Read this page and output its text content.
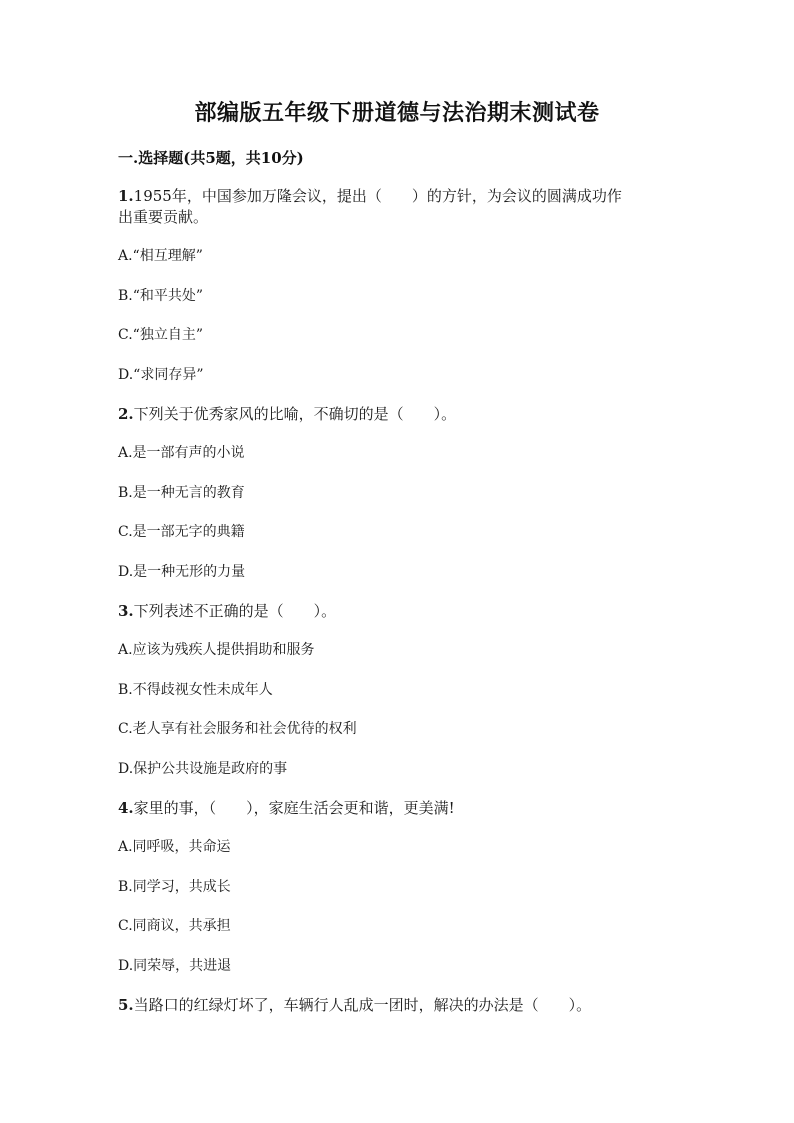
部编版五年级下册道德与法治期末测试卷
一.选择题(共5题，共10分)
1.1955年，中国参加万隆会议，提出（　　）的方针，为会议的圆满成功作
出重要贡献。
A.“相互理解”
B.“和平共处”
C.“独立自主”
D.“求同存异”
2.下列关于优秀家风的比喻，不确切的是（　　）。
A.是一部有声的小说
B.是一种无言的教育
C.是一部无字的典籍
D.是一种无形的力量
3.下列表述不正确的是（　　）。
A.应该为残疾人提供捐助和服务
B.不得歧视女性未成年人
C.老人享有社会服务和社会优待的权利
D.保护公共设施是政府的事
4.家里的事，（　　），家庭生活会更和谐，更美满!
A.同呼吸，共命运
B.同学习，共成长
C.同商议，共承担
D.同荣辱，共进退
5.当路口的红绿灯坏了，车辆行人乱成一团时，解决的办法是（　　）。
